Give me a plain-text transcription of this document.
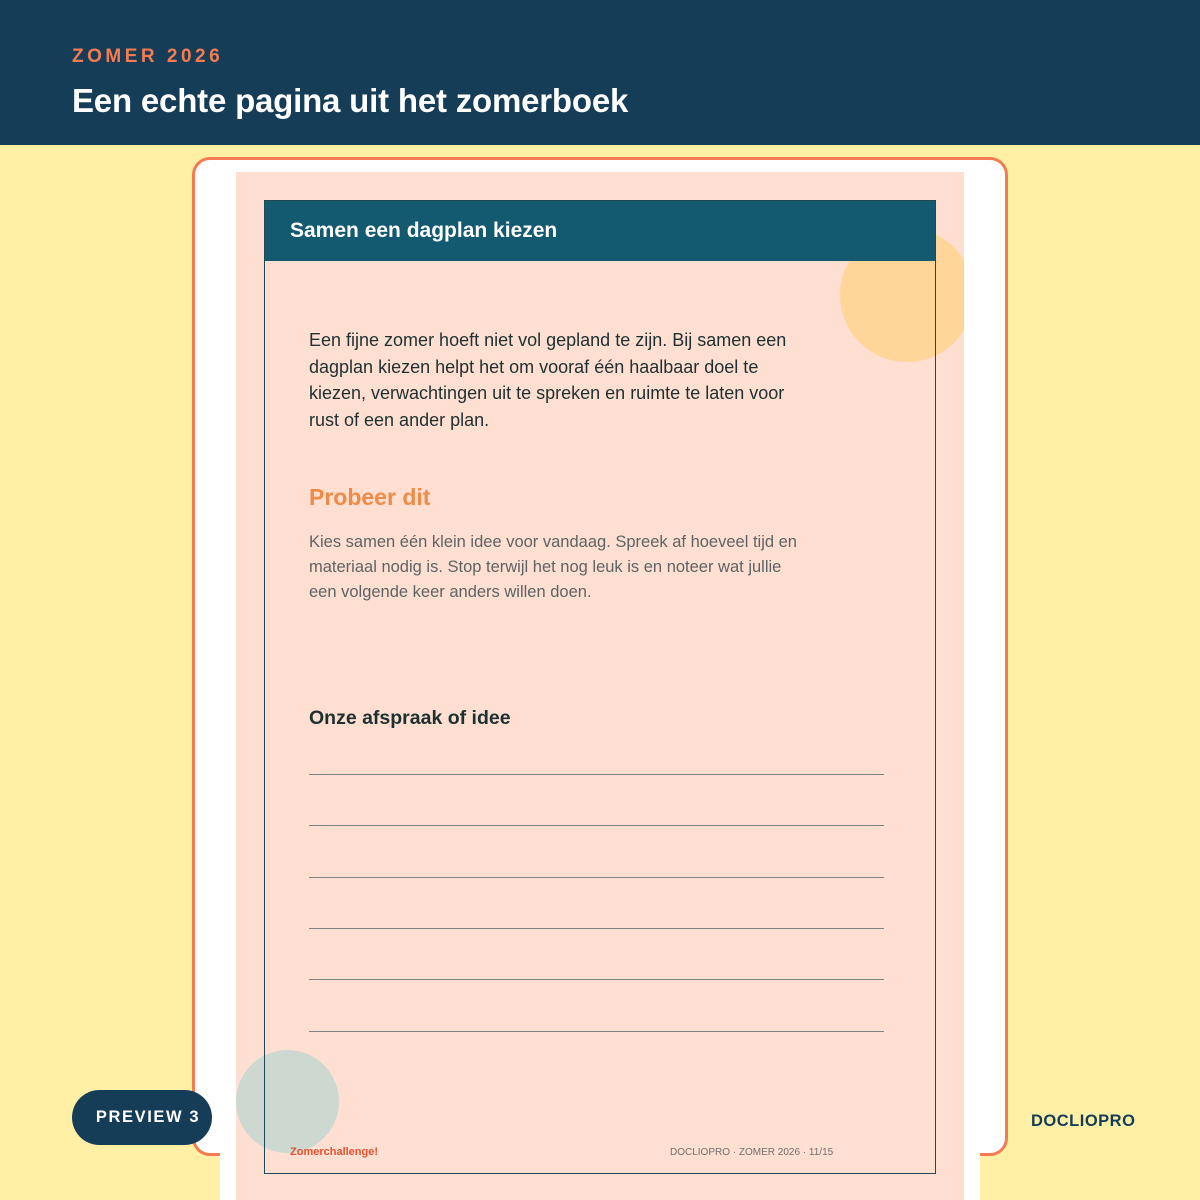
ZOMER 2026
Een echte pagina uit het zomerboek
Samen een dagplan kiezen
Een fijne zomer hoeft niet vol gepland te zijn. Bij samen een dagplan kiezen helpt het om vooraf één haalbaar doel te kiezen, verwachtingen uit te spreken en ruimte te laten voor rust of een ander plan.
Probeer dit
Kies samen één klein idee voor vandaag. Spreek af hoeveel tijd en materiaal nodig is. Stop terwijl het nog leuk is en noteer wat jullie een volgende keer anders willen doen.
Onze afspraak of idee
Zomerchallenge!	DOCLIOPRO · ZOMER 2026 · 11/15
PREVIEW 3	DOCLIOPRO
